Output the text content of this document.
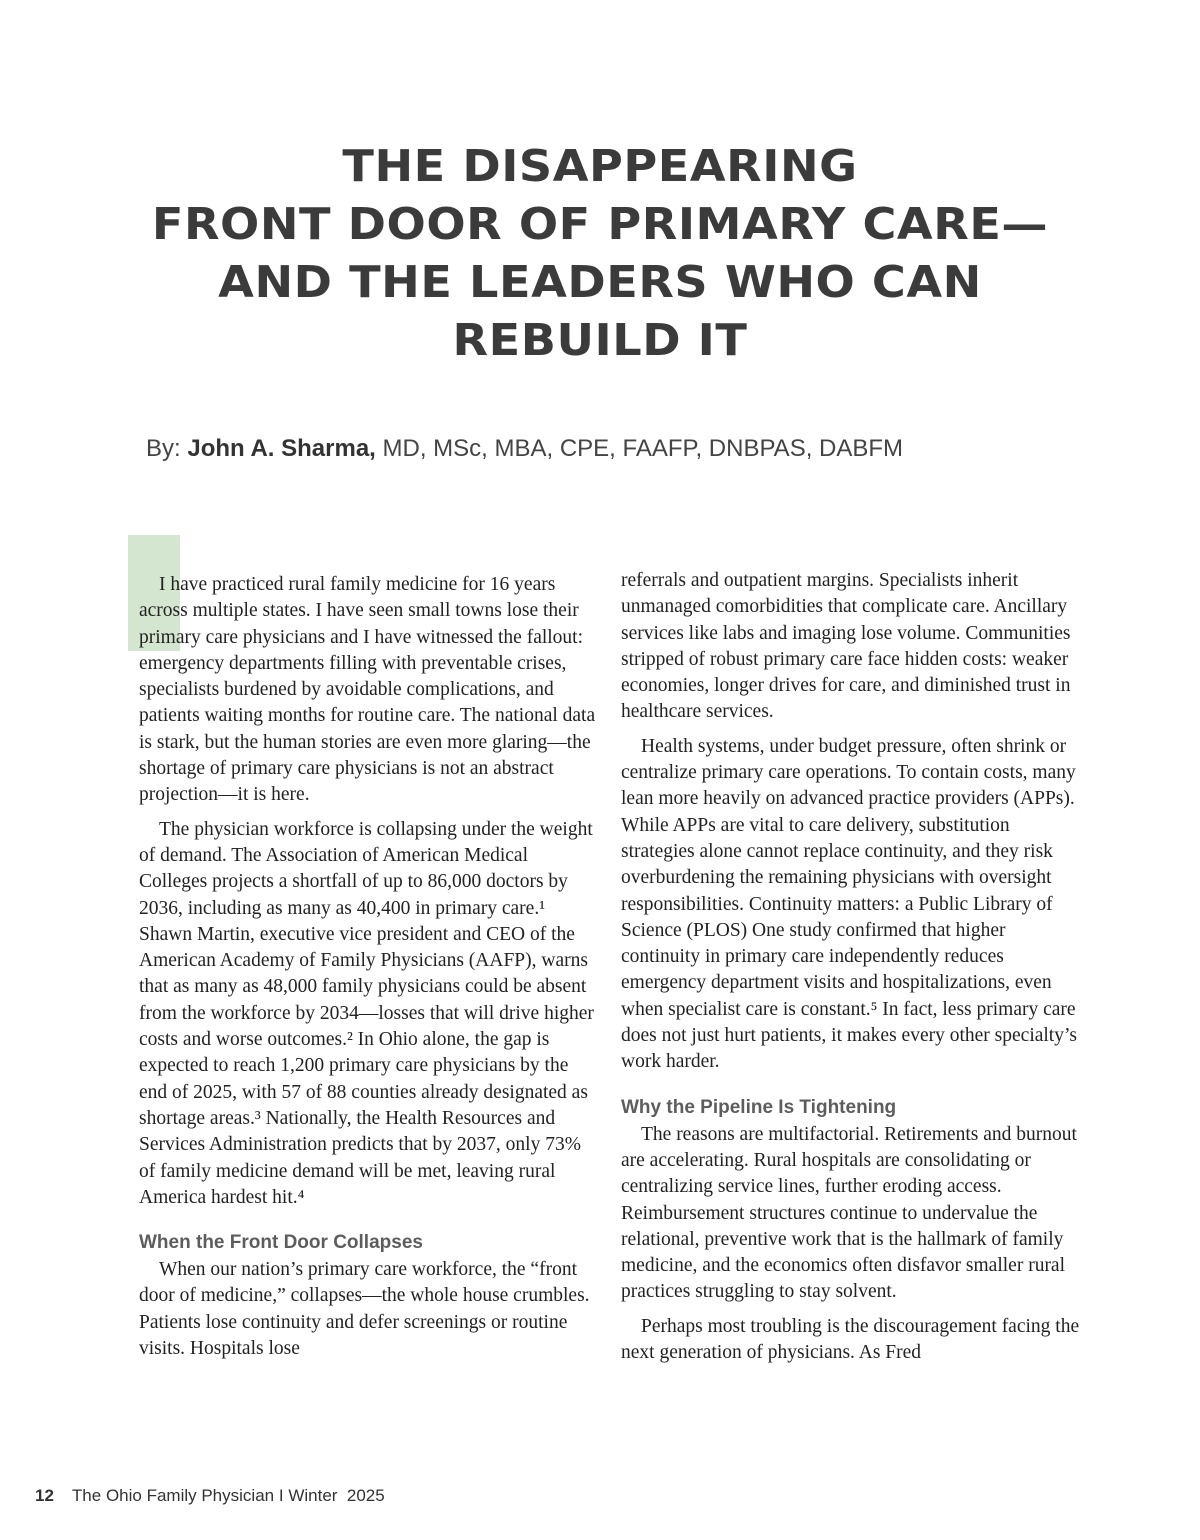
THE DISAPPEARING
FRONT DOOR OF PRIMARY CARE—
AND THE LEADERS WHO CAN
REBUILD IT
By: John A. Sharma, MD, MSc, MBA, CPE, FAAFP, DNBPAS, DABFM

I have practiced rural family medicine for 16 years across multiple states. I have seen small towns lose their primary care physicians and I have witnessed the fallout: emergency departments filling with preventable crises, specialists burdened by avoidable complications, and patients waiting months for routine care. The national data is stark, but the human stories are even more glaring—the shortage of primary care physicians is not an abstract projection—it is here.

The physician workforce is collapsing under the weight of demand. The Association of American Medical Colleges projects a shortfall of up to 86,000 doctors by 2036, including as many as 40,400 in primary care.¹ Shawn Martin, executive vice president and CEO of the American Academy of Family Physicians (AAFP), warns that as many as 48,000 family physicians could be absent from the workforce by 2034—losses that will drive higher costs and worse outcomes.² In Ohio alone, the gap is expected to reach 1,200 primary care physicians by the end of 2025, with 57 of 88 counties already designated as shortage areas.³ Nationally, the Health Resources and Services Administration predicts that by 2037, only 73% of family medicine demand will be met, leaving rural America hardest hit.⁴

When the Front Door Collapses

When our nation’s primary care workforce, the “front door of medicine,” collapses—the whole house crumbles. Patients lose continuity and defer screenings or routine visits. Hospitals lose

referrals and outpatient margins. Specialists inherit unmanaged comorbidities that complicate care. Ancillary services like labs and imaging lose volume. Communities stripped of robust primary care face hidden costs: weaker economies, longer drives for care, and diminished trust in healthcare services.

Health systems, under budget pressure, often shrink or centralize primary care operations. To contain costs, many lean more heavily on advanced practice providers (APPs). While APPs are vital to care delivery, substitution strategies alone cannot replace continuity, and they risk overburdening the remaining physicians with oversight responsibilities. Continuity matters: a Public Library of Science (PLOS) One study confirmed that higher continuity in primary care independently reduces emergency department visits and hospitalizations, even when specialist care is constant.⁵ In fact, less primary care does not just hurt patients, it makes every other specialty’s work harder.

Why the Pipeline Is Tightening

The reasons are multifactorial. Retirements and burnout are accelerating. Rural hospitals are consolidating or centralizing service lines, further eroding access. Reimbursement structures continue to undervalue the relational, preventive work that is the hallmark of family medicine, and the economics often disfavor smaller rural practices struggling to stay solvent.

Perhaps most troubling is the discouragement facing the next generation of physicians. As Fred

12 The Ohio Family Physician I Winter  2025
